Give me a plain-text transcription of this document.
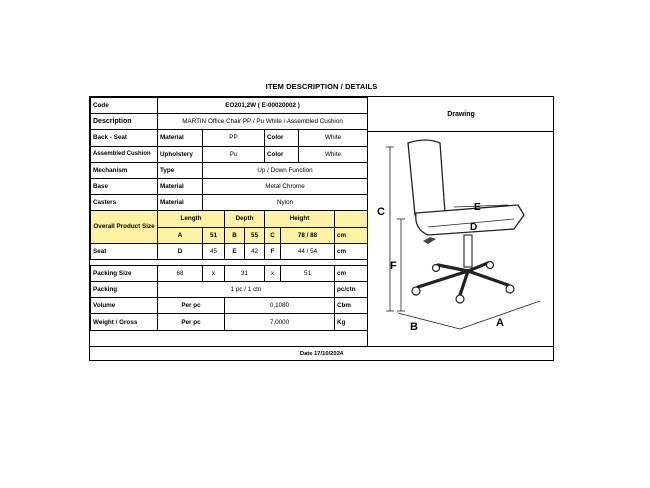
ITEM DESCRIPTION / DETAILS
Code	EO201,2W ( E-00020002 )							
Description	MARTIN Office Chair PP / Pu White / Assembled Cushion							
Back - Seat	Material	PP			Color		White	
Assembled Cushion	Upholstery	Pu			Color		White	
Mechanism	Type	Up / Down Function						
Base	Material	Metal Chrome						
Casters	Material	Nylon						
Overall Product Size	Length		Depth		Height			
	A	51	B	55	C	78 / 88		cm
Seat	D	45	E	42	F	44 / 54		cm

Packing Size	68	x	31		x	51		cm
Packing	1 pc / 1 ctn							pc/ctn
Volume	Per pc		0,1080					Cbm
Weight / Gross	Per pc		7,0000					Kg
Drawing
C
F
E
D
B	A
Date 17/10/2024
